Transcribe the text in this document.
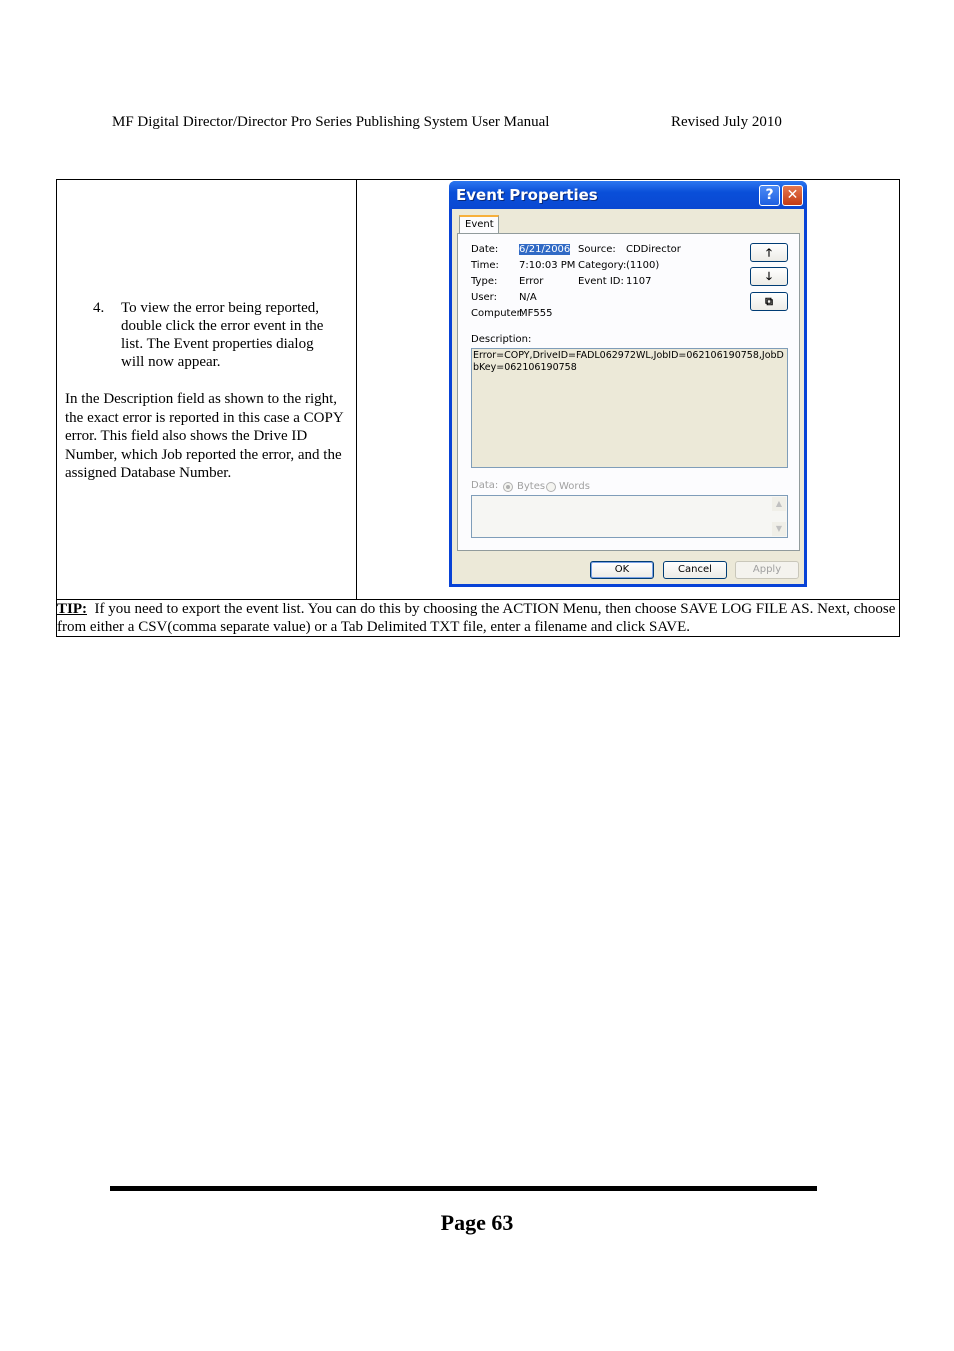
MF Digital Director/Director Pro Series Publishing System User Manual	Revised July 2010
4. To view the error being reported, double click the error event in the list. The Event properties dialog will now appear.
In the Description field as shown to the right, the exact error is reported in this case a COPY error. This field also shows the Drive ID Number, which Job reported the error, and the assigned Database Number.

Event Properties	? ✕
Event
Date: 6/21/2006
Time: 7:10:03 PM
Type: Error
User: N/A
Computer:
MF555
Source: CDDirector
Category: (1100)
Event ID: 1107
🡑
🡓
⧉
Description:
Error=COPY,DriveID=FADL062972WL,JobID=062106190758,JobDbKey=062106190758
Data: Bytes Words
▲
▼
OK	Cancel	Apply

TIP: If you need to export the event list. You can do this by choosing the ACTION Menu, then choose SAVE LOG FILE AS. Next, choose from either a CSV(comma separate value) or a Tab Delimited TXT file, enter a filename and click SAVE.
Page 63
